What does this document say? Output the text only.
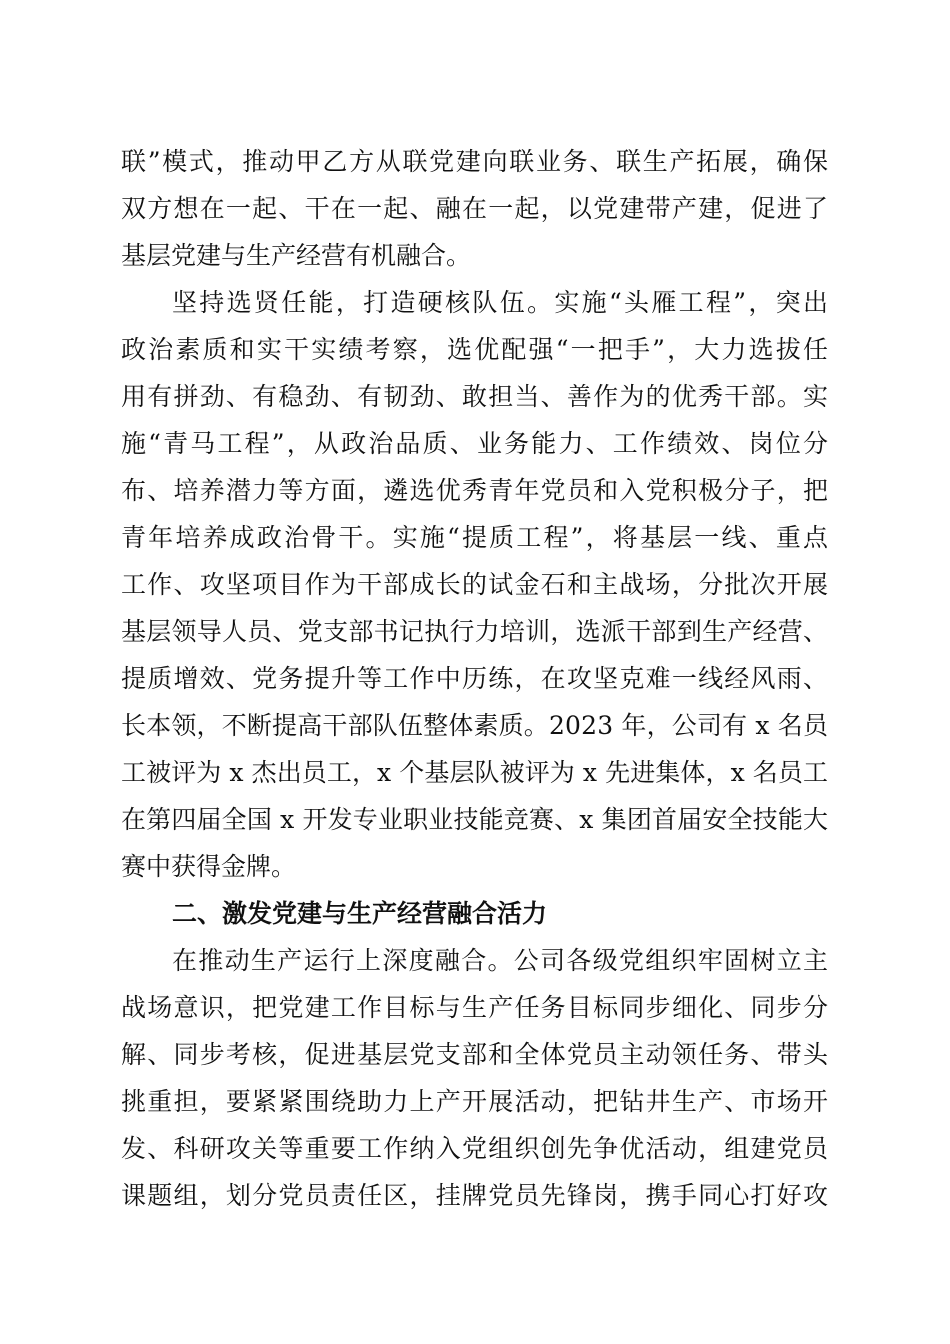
联”模式，推动甲乙方从联党建向联业务、联生产拓展，确保
双方想在一起、干在一起、融在一起，以党建带产建，促进了
基层党建与生产经营有机融合。
坚持选贤任能，打造硬核队伍。实施“头雁工程”，突出
政治素质和实干实绩考察，选优配强“一把手”，大力选拔任
用有拼劲、有稳劲、有韧劲、敢担当、善作为的优秀干部。实
施“青马工程”，从政治品质、业务能力、工作绩效、岗位分
布、培养潜力等方面，遴选优秀青年党员和入党积极分子，把
青年培养成政治骨干。实施“提质工程”，将基层一线、重点
工作、攻坚项目作为干部成长的试金石和主战场，分批次开展
基层领导人员、党支部书记执行力培训，选派干部到生产经营、
提质增效、党务提升等工作中历练，在攻坚克难一线经风雨、
长本领，不断提高干部队伍整体素质。2023 年，公司有 x 名员
工被评为 x 杰出员工，x 个基层队被评为 x 先进集体，x 名员工
在第四届全国 x 开发专业职业技能竞赛、x 集团首届安全技能大
赛中获得金牌。
二、激发党建与生产经营融合活力
在推动生产运行上深度融合。公司各级党组织牢固树立主
战场意识，把党建工作目标与生产任务目标同步细化、同步分
解、同步考核，促进基层党支部和全体党员主动领任务、带头
挑重担，要紧紧围绕助力上产开展活动，把钻井生产、市场开
发、科研攻关等重要工作纳入党组织创先争优活动，组建党员
课题组，划分党员责任区，挂牌党员先锋岗，携手同心打好攻
